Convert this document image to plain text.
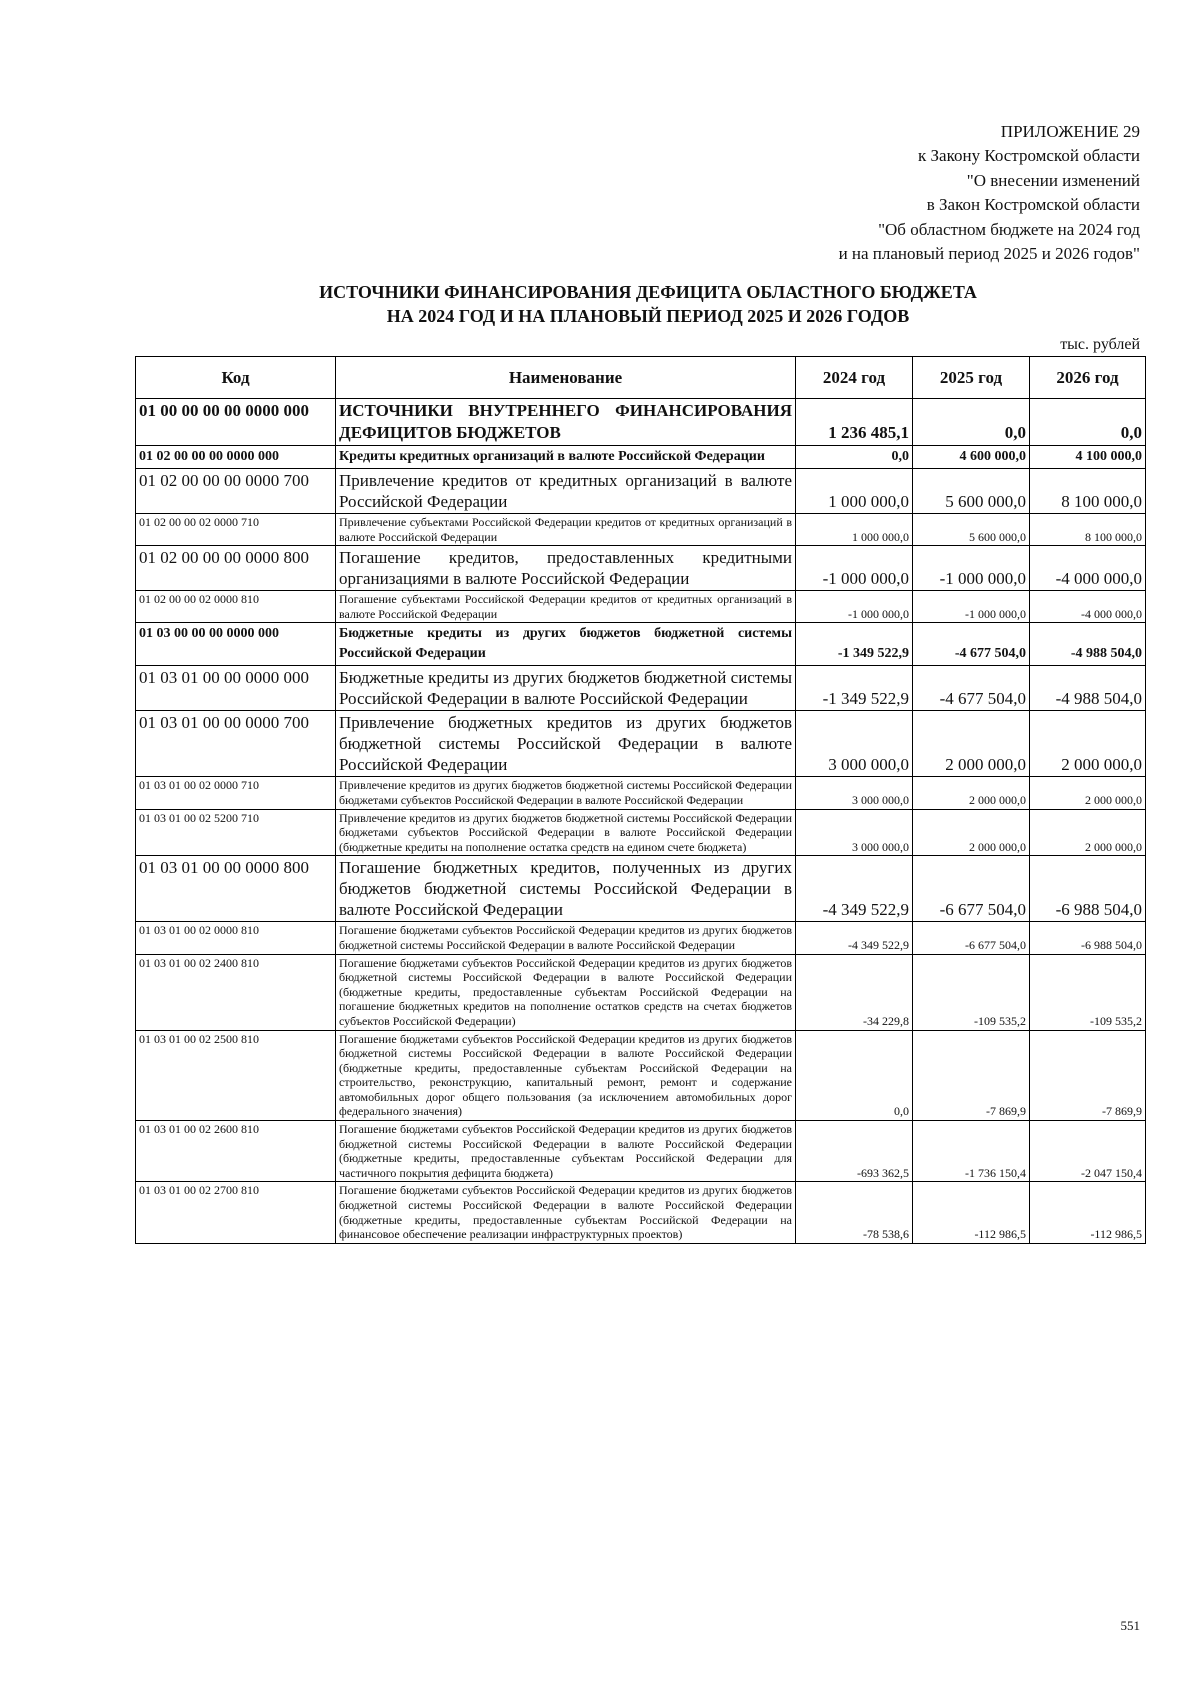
ПРИЛОЖЕНИЕ 29
к Закону Костромской области
"О внесении изменений
в Закон Костромской области
"Об областном бюджете на 2024 год
и на плановый период 2025 и 2026 годов"
ИСТОЧНИКИ ФИНАНСИРОВАНИЯ ДЕФИЦИТА ОБЛАСТНОГО БЮДЖЕТА
НА 2024 ГОД И НА ПЛАНОВЫЙ ПЕРИОД 2025 И 2026 ГОДОВ
тыс. рублей
Код	Наименование	2024 год	2025 год	2026 год
01 00 00 00 00 0000 000	ИСТОЧНИКИ ВНУТРЕННЕГО ФИНАНСИРОВАНИЯ ДЕФИЦИТОВ БЮДЖЕТОВ	1 236 485,1	0,0	0,0
01 02 00 00 00 0000 000	Кредиты кредитных организаций в валюте Российской Федерации	0,0	4 600 000,0	4 100 000,0
01 02 00 00 00 0000 700	Привлечение кредитов от кредитных организаций в валюте Российской Федерации	1 000 000,0	5 600 000,0	8 100 000,0
01 02 00 00 02 0000 710	Привлечение субъектами Российской Федерации кредитов от кредитных организаций в валюте Российской Федерации	1 000 000,0	5 600 000,0	8 100 000,0
01 02 00 00 00 0000 800	Погашение кредитов, предоставленных кредитными организациями в валюте Российской Федерации	-1 000 000,0	-1 000 000,0	-4 000 000,0
01 02 00 00 02 0000 810	Погашение субъектами Российской Федерации кредитов от кредитных организаций в валюте Российской Федерации	-1 000 000,0	-1 000 000,0	-4 000 000,0
01 03 00 00 00 0000 000	Бюджетные кредиты из других бюджетов бюджетной системы Российской Федерации	-1 349 522,9	-4 677 504,0	-4 988 504,0
01 03 01 00 00 0000 000	Бюджетные кредиты из других бюджетов бюджетной системы Российской Федерации в валюте Российской Федерации	-1 349 522,9	-4 677 504,0	-4 988 504,0
01 03 01 00 00 0000 700	Привлечение бюджетных кредитов из других бюджетов бюджетной системы Российской Федерации в валюте Российской Федерации	3 000 000,0	2 000 000,0	2 000 000,0
01 03 01 00 02 0000 710	Привлечение кредитов из других бюджетов бюджетной системы Российской Федерации бюджетами субъектов Российской Федерации в валюте Российской Федерации	3 000 000,0	2 000 000,0	2 000 000,0
01 03 01 00 02 5200 710	Привлечение кредитов из других бюджетов бюджетной системы Российской Федерации бюджетами субъектов Российской Федерации в валюте Российской Федерации (бюджетные кредиты на пополнение остатка средств на едином счете бюджета)	3 000 000,0	2 000 000,0	2 000 000,0
01 03 01 00 00 0000 800	Погашение бюджетных кредитов, полученных из других бюджетов бюджетной системы Российской Федерации в валюте Российской Федерации	-4 349 522,9	-6 677 504,0	-6 988 504,0
01 03 01 00 02 0000 810	Погашение бюджетами субъектов Российской Федерации кредитов из других бюджетов бюджетной системы Российской Федерации в валюте Российской Федерации	-4 349 522,9	-6 677 504,0	-6 988 504,0
01 03 01 00 02 2400 810	Погашение бюджетами субъектов Российской Федерации кредитов из других бюджетов бюджетной системы Российской Федерации в валюте Российской Федерации (бюджетные кредиты, предоставленные субъектам Российской Федерации на погашение бюджетных кредитов на пополнение остатков средств на счетах бюджетов субъектов Российской Федерации)	-34 229,8	-109 535,2	-109 535,2
01 03 01 00 02 2500 810	Погашение бюджетами субъектов Российской Федерации кредитов из других бюджетов бюджетной системы Российской Федерации в валюте Российской Федерации (бюджетные кредиты, предоставленные субъектам Российской Федерации на строительство, реконструкцию, капитальный ремонт, ремонт и содержание автомобильных дорог общего пользования (за исключением автомобильных дорог федерального значения)	0,0	-7 869,9	-7 869,9
01 03 01 00 02 2600 810	Погашение бюджетами субъектов Российской Федерации кредитов из других бюджетов бюджетной системы Российской Федерации в валюте Российской Федерации (бюджетные кредиты, предоставленные субъектам Российской Федерации для частичного покрытия дефицита бюджета)	-693 362,5	-1 736 150,4	-2 047 150,4
01 03 01 00 02 2700 810	Погашение бюджетами субъектов Российской Федерации кредитов из других бюджетов бюджетной системы Российской Федерации в валюте Российской Федерации (бюджетные кредиты, предоставленные субъектам Российской Федерации на финансовое обеспечение реализации инфраструктурных проектов)	-78 538,6	-112 986,5	-112 986,5
551
